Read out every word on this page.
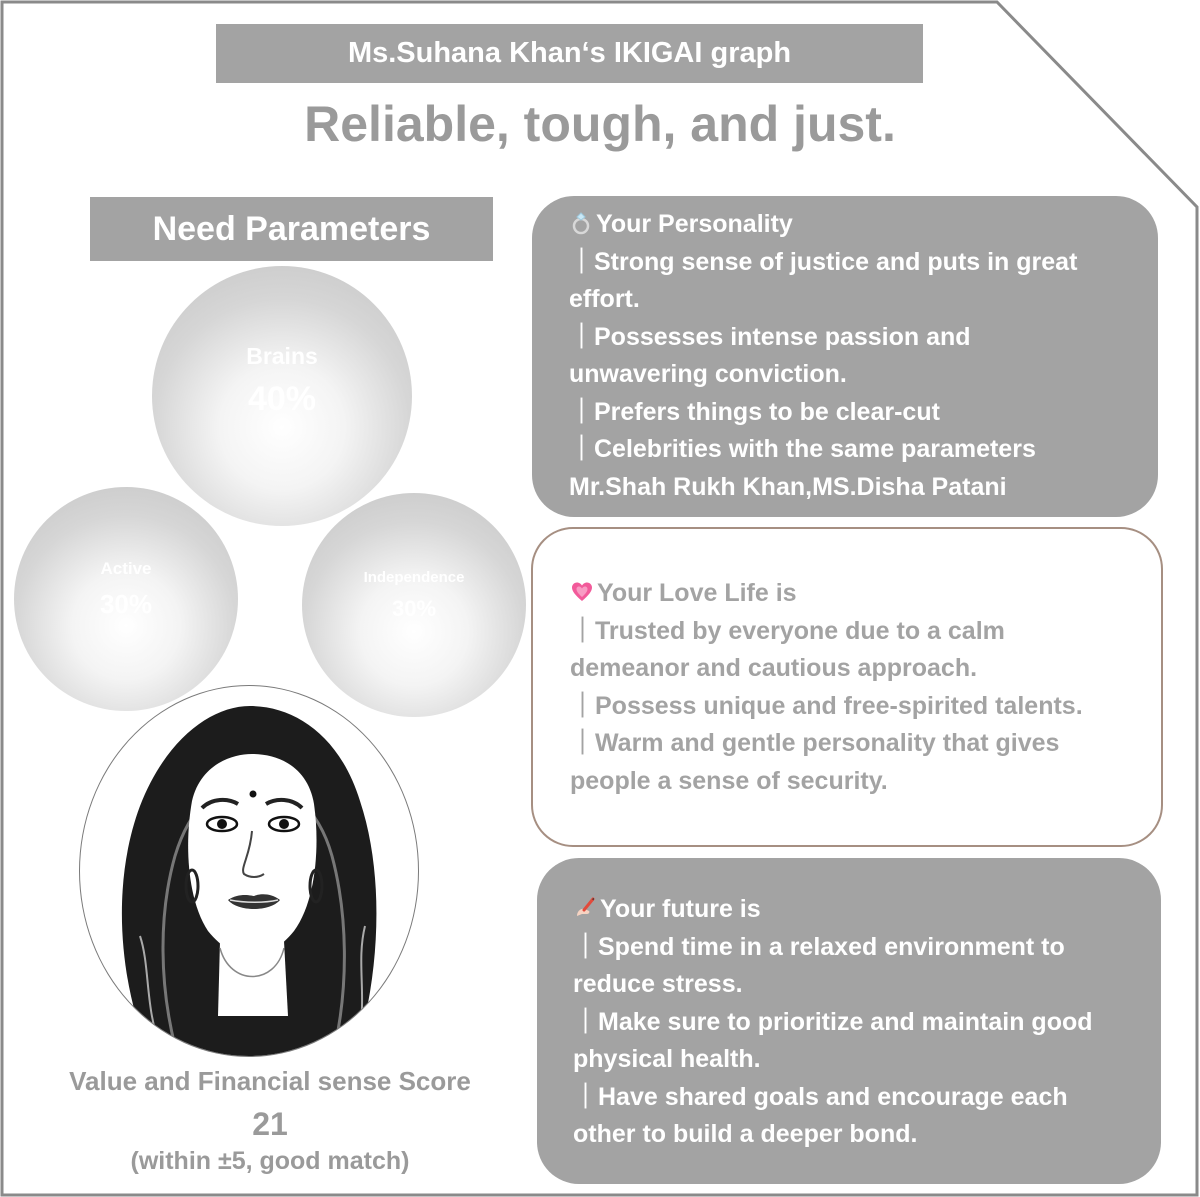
Ms.Suhana Khan‘s IKIGAI graph
Reliable, tough, and just.
Need Parameters
Brains
40%
Active
30%
Independence
30%
Value and Financial sense Score
21
(within ±5, good match)
Your Personality
｜Strong sense of justice and puts in great
effort.
｜Possesses intense passion and
unwavering conviction.
｜Prefers things to be clear-cut
｜Celebrities with the same parameters
Mr.Shah Rukh Khan,MS.Disha Patani
Your Love Life is
｜Trusted by everyone due to a calm
demeanor and cautious approach.
｜Possess unique and free-spirited talents.
｜Warm and gentle personality that gives
people a sense of security.
Your future is
｜Spend time in a relaxed environment to
reduce stress.
｜Make sure to prioritize and maintain good
physical health.
｜Have shared goals and encourage each
other to build a deeper bond.
